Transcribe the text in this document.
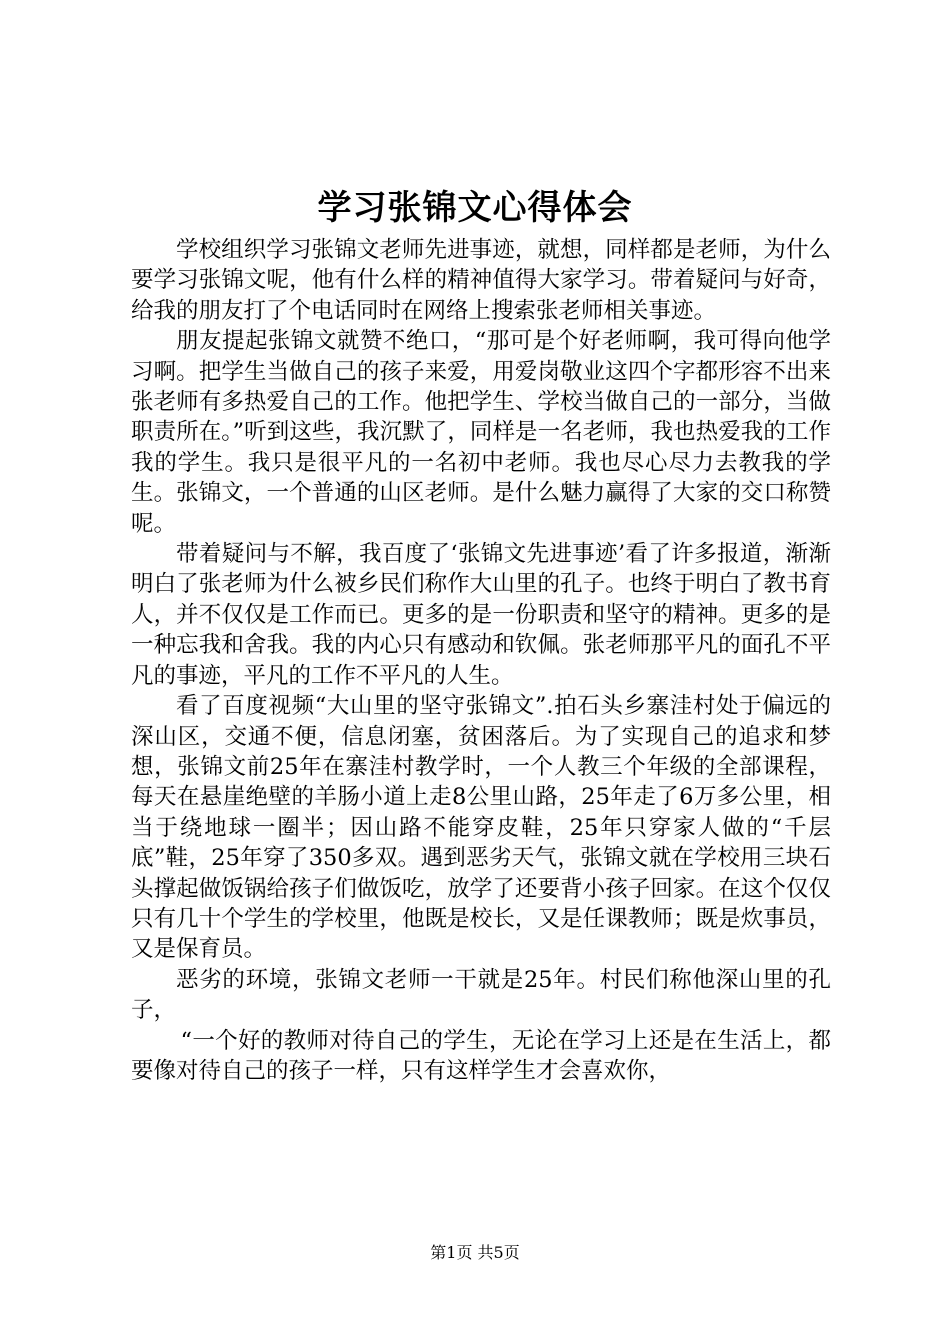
学习张锦文心得体会

学校组织学习张锦文老师先进事迹，就想，同样都是老师，为什么要学习张锦文呢，他有什么样的精神值得大家学习。带着疑问与好奇，给我的朋友打了个电话同时在网络上搜索张老师相关事迹。

朋友提起张锦文就赞不绝口，“那可是个好老师啊，我可得向他学习啊。把学生当做自己的孩子来爱，用爱岗敬业这四个字都形容不出来张老师有多热爱自己的工作。他把学生、学校当做自己的一部分，当做职责所在。”听到这些，我沉默了，同样是一名老师，我也热爱我的工作我的学生。我只是很平凡的一名初中老师。我也尽心尽力去教我的学生。张锦文，一个普通的山区老师。是什么魅力赢得了大家的交口称赞呢。

带着疑问与不解，我百度了‘张锦文先进事迹’看了许多报道，渐渐明白了张老师为什么被乡民们称作大山里的孔子。也终于明白了教书育人，并不仅仅是工作而已。更多的是一份职责和坚守的精神。更多的是一种忘我和舍我。我的内心只有感动和钦佩。张老师那平凡的面孔不平凡的事迹，平凡的工作不平凡的人生。

看了百度视频“大山里的坚守张锦文”.拍石头乡寨洼村处于偏远的深山区，交通不便，信息闭塞，贫困落后。为了实现自己的追求和梦想，张锦文前25年在寨洼村教学时，一个人教三个年级的全部课程，每天在悬崖绝壁的羊肠小道上走8公里山路，25年走了6万多公里，相当于绕地球一圈半；因山路不能穿皮鞋，25年只穿家人做的“千层底”鞋，25年穿了350多双。遇到恶劣天气，张锦文就在学校用三块石头撑起做饭锅给孩子们做饭吃，放学了还要背小孩子回家。在这个仅仅只有几十个学生的学校里，他既是校长，又是任课教师；既是炊事员，又是保育员。

恶劣的环境，张锦文老师一干就是25年。村民们称他深山里的孔子，

“一个好的教师对待自己的学生，无论在学习上还是在生活上，都要像对待自己的孩子一样，只有这样学生才会喜欢你，

第1页 共5页
